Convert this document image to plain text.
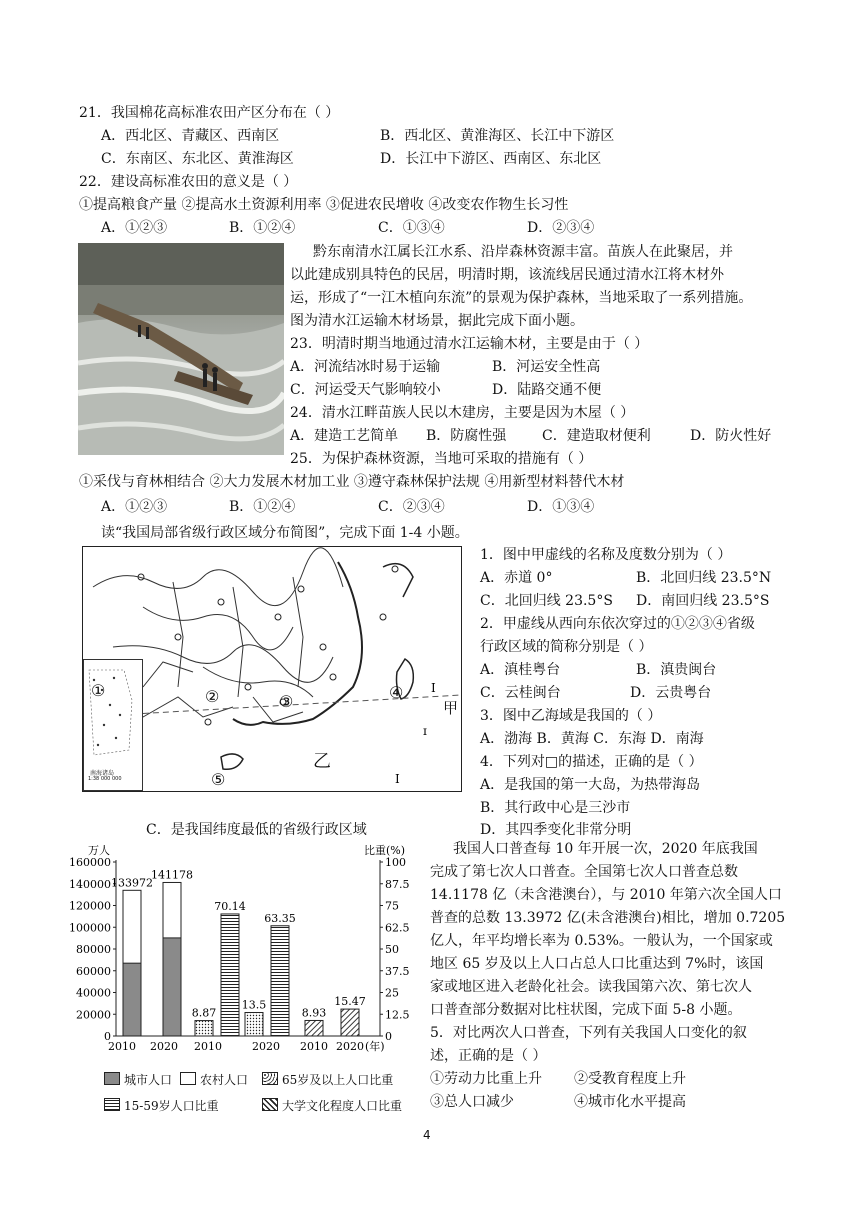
21．我国棉花高标准农田产区分布在（ ）
A．西北区、青藏区、西南区	B．西北区、黄淮海区、长江中下游区
C．东南区、东北区、黄淮海区	D．长江中下游区、西南区、东北区
22．建设高标准农田的意义是（ ）
①提高粮食产量 ②提高水土资源利用率 ③促进农民增收 ④改变农作物生长习性
A．①②③	B．①②④	C．①③④	D．②③④
黔东南清水江属长江水系、沿岸森林资源丰富。苗族人在此聚居，并
以此建成别具特色的民居，明清时期，该流线居民通过清水江将木材外
运，形成了“一江木植向东流”的景观为保护森林，当地采取了一系列措施。
图为清水江运输木材场景，据此完成下面小题。
23．明清时期当地通过清水江运输木材，主要是由于（ ）
A．河流结冰时易于运输	B．河运安全性高
C．河运受天气影响较小	D．陆路交通不便
24．清水江畔苗族人民以木建房，主要是因为木屋（ ）
A．建造工艺简单 B．防腐性强	C．建造取材便利	D．防火性好
25．为保护森林资源，当地可采取的措施有（ ）
①采伐与育林相结合 ②大力发展木材加工业 ③遵守森林保护法规 ④用新型材料替代木材
A．①②③	B．①②④	C．②③④	D．①③④
读“我国局部省级行政区域分布简图”，完成下面 1-4 小题。
Ι
ɪ
Ι
南海诸岛
1:38 000 000
①	②	③	④
⑤
甲
乙
1．图中甲虚线的名称及度数分别为（ ）
A．赤道 0°	B．北回归线 23.5°N
C．北回归线 23.5°S D．南回归线 23.5°S
2．甲虚线从西向东依次穿过的①②③④省级
行政区域的简称分别是（ ）
A．滇桂粤台	B．滇贵闽台
C．云桂闽台	D．云贵粤台
3．图中乙海域是我国的（ ）
A．渤海 B．黄海 C．东海 D．南海
4．下列对□的描述，正确的是（ ）
A．是我国的第一大岛，为热带海岛
B．其行政中心是三沙市
C．是我国纬度最低的省级行政区域	D．其四季变化非常分明
万人	比重(%)
0
20000
40000
60000
80000
100000
120000
140000
160000
0
12.5
25
37.5
50
62.5
75
87.5
100
133972
141178
8.87
13.5
70.14
63.35
8.93
15.47
2010 2020 2010	2020 2010 2020 (年)
城市人口	农村人口	65岁及以上人口比重
15-59岁人口比重	大学文化程度人口比重
我国人口普查每 10 年开展一次，2020 年底我国
完成了第七次人口普查。全国第七次人口普查总数
14.1178 亿（未含港澳台），与 2010 年第六次全国人口
普查的总数 13.3972 亿(未含港澳台)相比，增加 0.7205
亿人，年平均增长率为 0.53%。一般认为，一个国家或
地区 65 岁及以上人口占总人口比重达到 7%时，该国
家或地区进入老龄化社会。读我国第六次、第七次人
口普查部分数据对比柱状图，完成下面 5-8 小题。
5．对比两次人口普查，下列有关我国人口变化的叙
述，正确的是（ ）
①劳动力比重上升 ②受教育程度上升
③总人口减少	④城市化水平提高
4
